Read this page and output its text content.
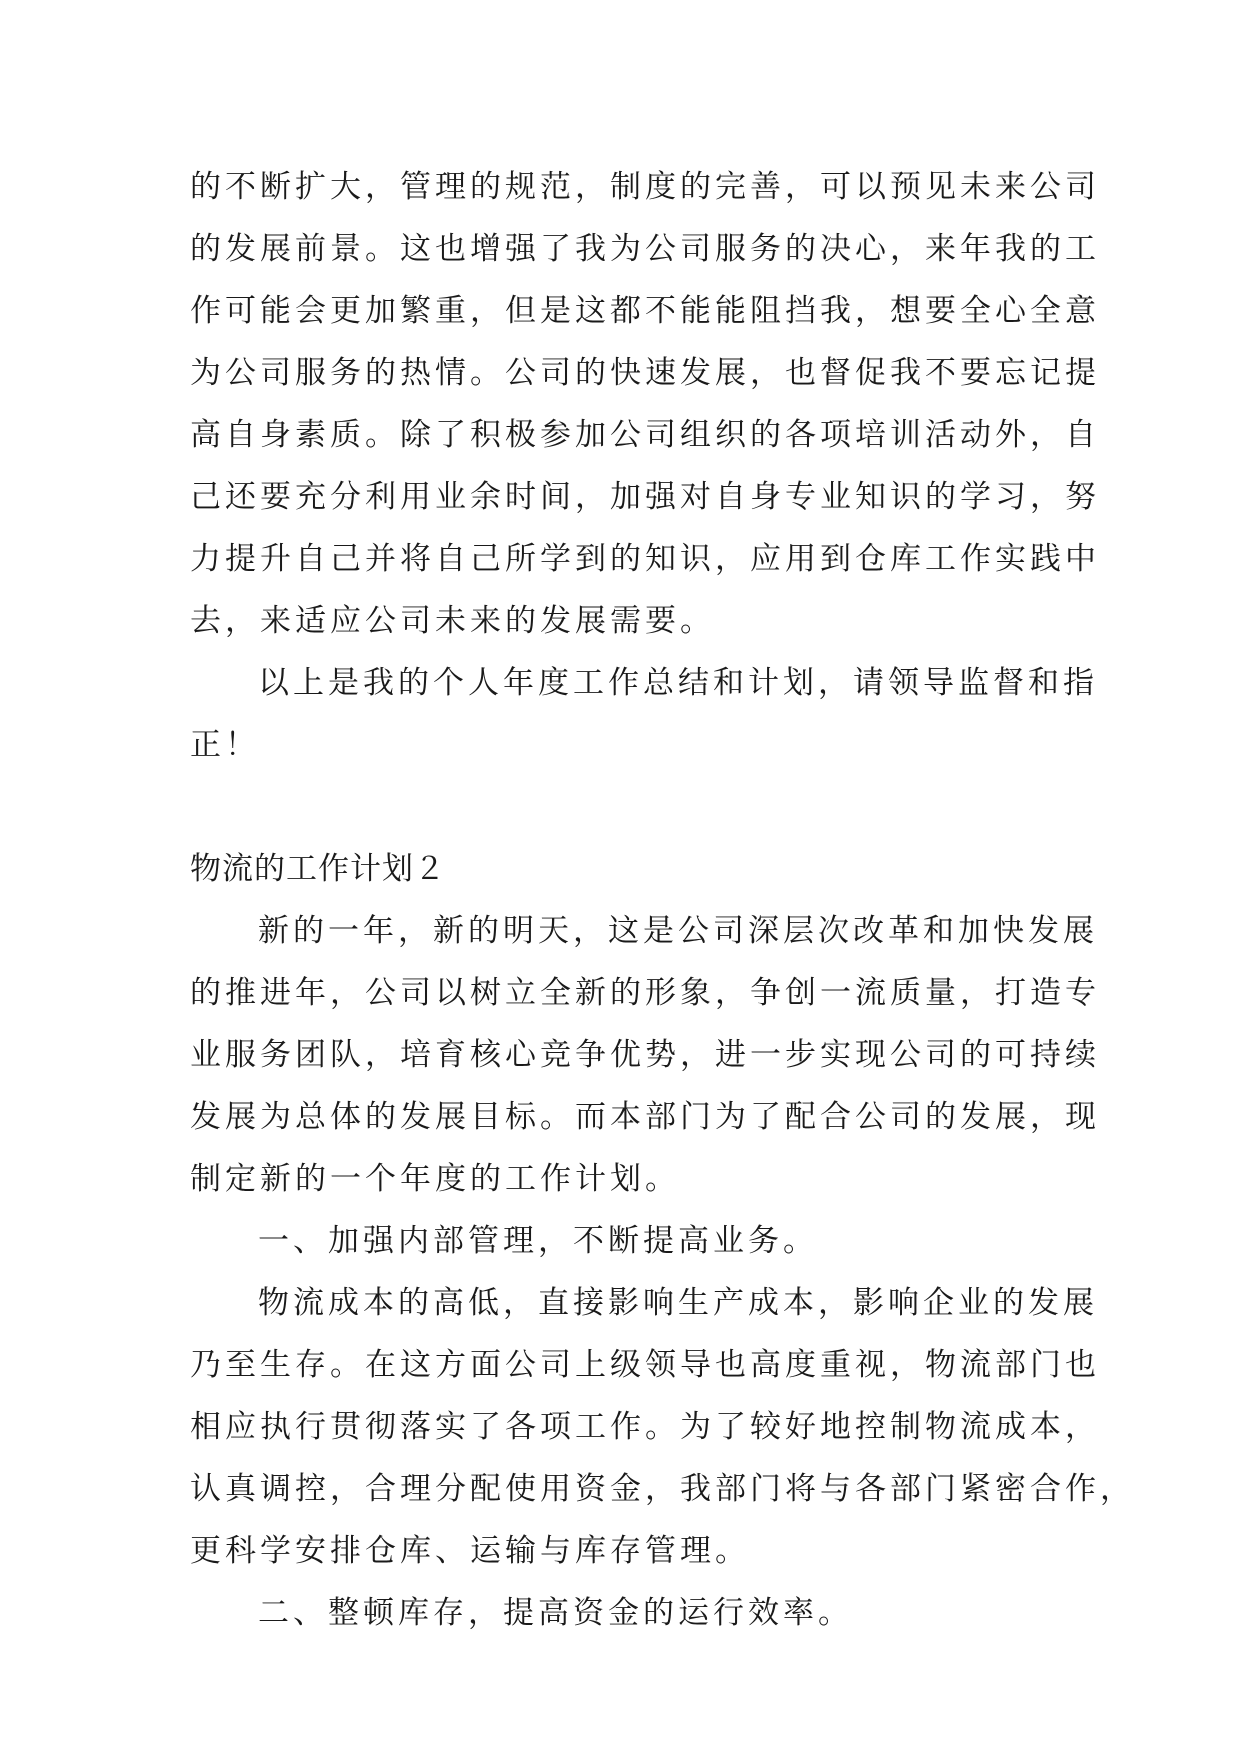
的不断扩大，管理的规范，制度的完善，可以预见未来公司
的发展前景。这也增强了我为公司服务的决心，来年我的工
作可能会更加繁重，但是这都不能能阻挡我，想要全心全意
为公司服务的热情。公司的快速发展，也督促我不要忘记提
高自身素质。除了积极参加公司组织的各项培训活动外，自
己还要充分利用业余时间，加强对自身专业知识的学习，努
力提升自己并将自己所学到的知识，应用到仓库工作实践中
去，来适应公司未来的发展需要。
以上是我的个人年度工作总结和计划，请领导监督和指
正！
物流的工作计划２
新的一年，新的明天，这是公司深层次改革和加快发展
的推进年，公司以树立全新的形象，争创一流质量，打造专
业服务团队，培育核心竞争优势，进一步实现公司的可持续
发展为总体的发展目标。而本部门为了配合公司的发展，现
制定新的一个年度的工作计划。
一、加强内部管理，不断提高业务。
物流成本的高低，直接影响生产成本，影响企业的发展
乃至生存。在这方面公司上级领导也高度重视，物流部门也
相应执行贯彻落实了各项工作。为了较好地控制物流成本，
认真调控，合理分配使用资金，我部门将与各部门紧密合作，
更科学安排仓库、运输与库存管理。
二、整顿库存，提高资金的运行效率。
